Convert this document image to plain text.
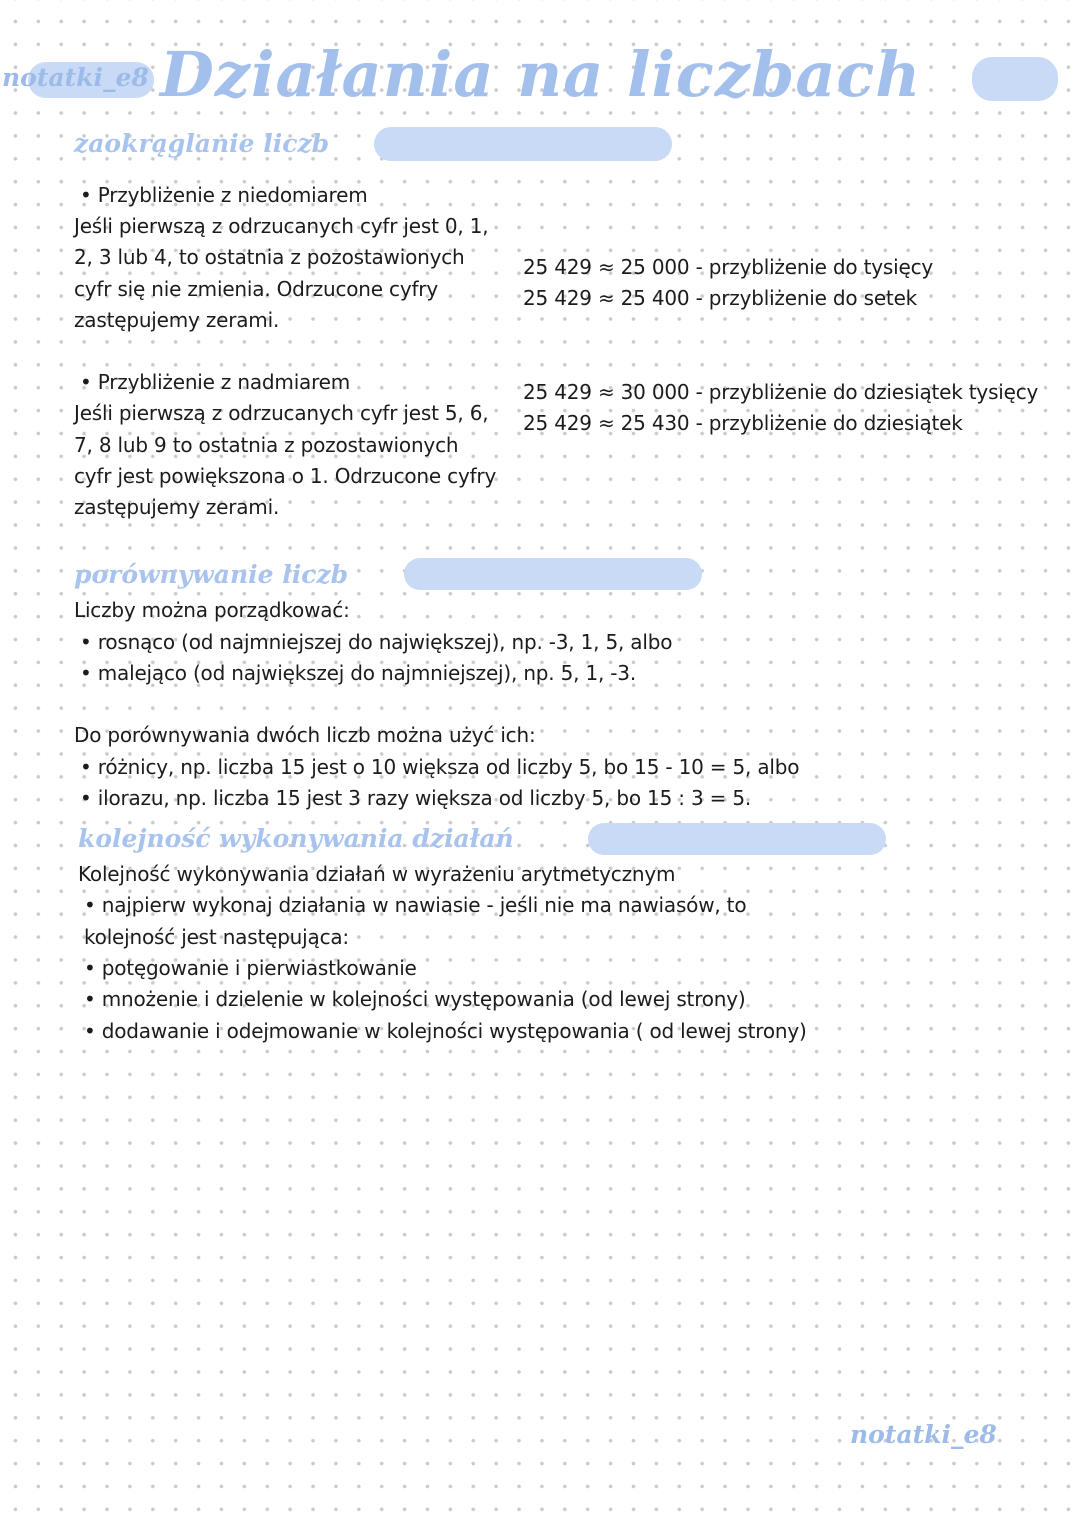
notatki_e8 Działania na liczbach
zaokrąglanie liczb
• Przybliżenie z niedomiarem
Jeśli pierwszą z odrzucanych cyfr jest 0, 1,
2, 3 lub 4, to ostatnia z pozostawionych
cyfr się nie zmienia. Odrzucone cyfry
zastępujemy zerami.
25 429 ≈ 25 000 - przybliżenie do tysięcy
25 429 ≈ 25 400 - przybliżenie do setek
• Przybliżenie z nadmiarem
Jeśli pierwszą z odrzucanych cyfr jest 5, 6,
7, 8 lub 9 to ostatnia z pozostawionych
cyfr jest powiększona o 1. Odrzucone cyfry
zastępujemy zerami.
25 429 ≈ 30 000 - przybliżenie do dziesiątek tysięcy
25 429 ≈ 25 430 - przybliżenie do dziesiątek
porównywanie liczb
Liczby można porządkować:
• rosnąco (od najmniejszej do największej), np. -3, 1, 5, albo
• malejąco (od największej do najmniejszej), np. 5, 1, -3.
Do porównywania dwóch liczb można użyć ich:
• różnicy, np. liczba 15 jest o 10 większa od liczby 5, bo 15 - 10 = 5, albo
• ilorazu, np. liczba 15 jest 3 razy większa od liczby 5, bo 15 : 3 = 5.
kolejność wykonywania działań
Kolejność wykonywania działań w wyrażeniu arytmetycznym
• najpierw wykonaj działania w nawiasie - jeśli nie ma nawiasów, to
kolejność jest następująca:
• potęgowanie i pierwiastkowanie
• mnożenie i dzielenie w kolejności występowania (od lewej strony)
• dodawanie i odejmowanie w kolejności występowania ( od lewej strony)
notatki_e8
